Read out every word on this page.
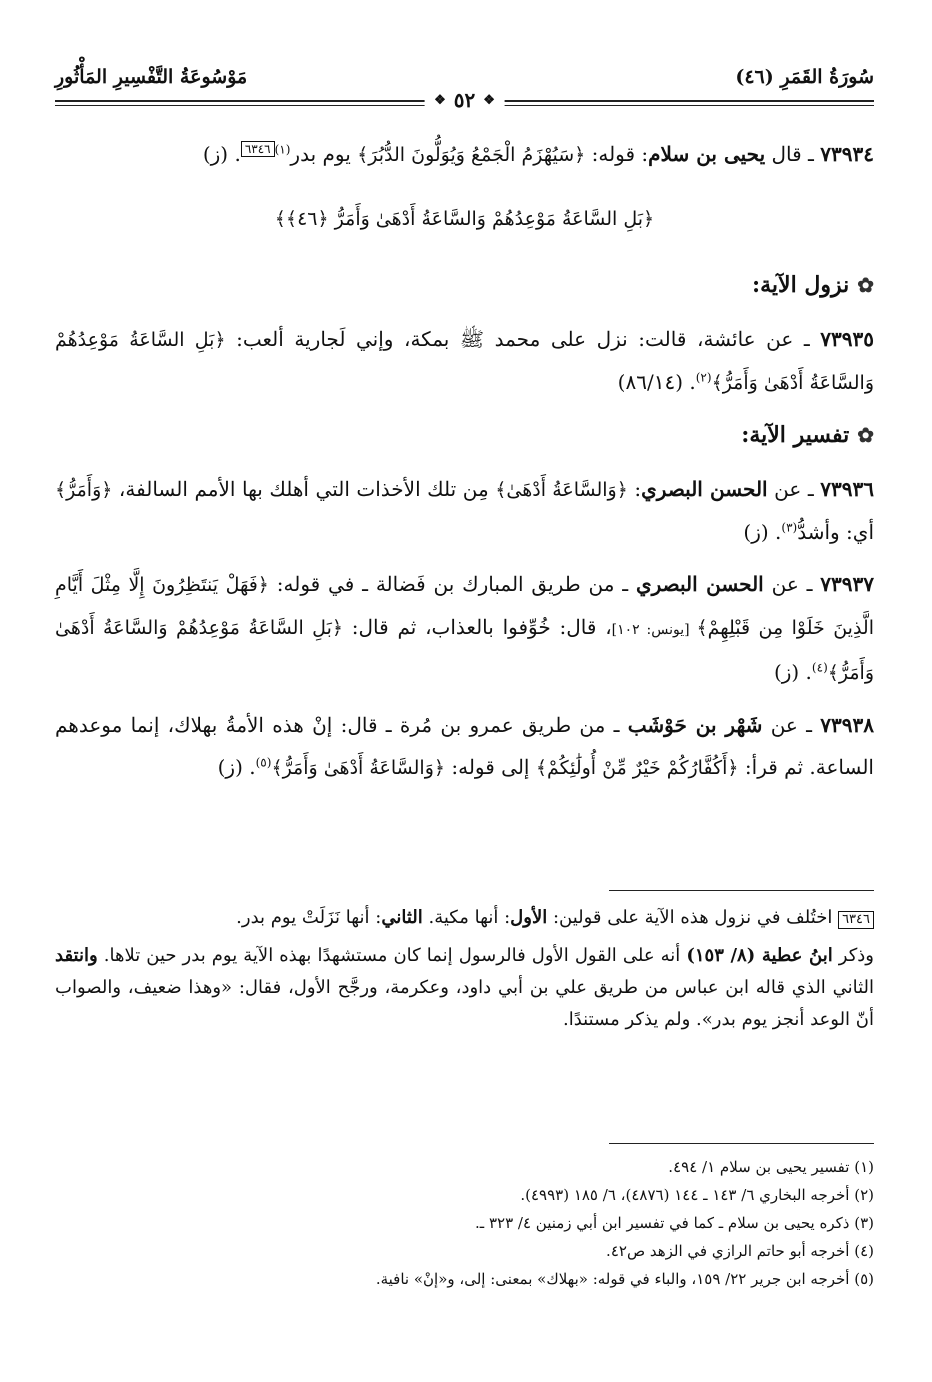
سُورَةُ القَمَرِ (٤٦)
مَوْسُوعَةُ التَّفْسِيرِ المَأْثُورِ
❖
٥٢
❖

٧٣٩٣٤ ـ قال يحيى بن سلام: قوله: ﴿سَيُهْزَمُ الْجَمْعُ وَيُوَلُّونَ الدُّبُرَ﴾ يوم بدر$^{(١)}$٦٣٤٦. (ز)

﴿بَلِ السَّاعَةُ مَوْعِدُهُمْ وَالسَّاعَةُ أَدْهَىٰ وَأَمَرُّ ﴿٤٦﴾﴾
✿
نزول الآية:

٧٣٩٣٥ ـ عن عائشة، قالت: نزل على محمد ﷺ بمكة، وإني لَجارية ألعب: ﴿بَلِ السَّاعَةُ مَوْعِدُهُمْ وَالسَّاعَةُ أَدْهَىٰ وَأَمَرُّ﴾$^{(٢)}$. (٨٦/١٤)

✿
تفسير الآية:

٧٣٩٣٦ ـ عن الحسن البصري: ﴿وَالسَّاعَةُ أَدْهَىٰ﴾ مِن تلك الأخذات التي أهلك بها الأمم السالفة، ﴿وَأَمَرُّ﴾ أي: وأشدُّ$^{(٣)}$. (ز)

٧٣٩٣٧ ـ عن الحسن البصري ـ من طريق المبارك بن فَضالة ـ في قوله: ﴿فَهَلْ يَنتَظِرُونَ إِلَّا مِثْلَ أَيَّامِ الَّذِينَ خَلَوْا مِن قَبْلِهِمْ﴾ [يونس: ١٠٢]، قال: خُوِّفوا بالعذاب، ثم قال: ﴿بَلِ السَّاعَةُ مَوْعِدُهُمْ وَالسَّاعَةُ أَدْهَىٰ وَأَمَرُّ﴾$^{(٤)}$. (ز)

٧٣٩٣٨ ـ عن شَهْر بن حَوْشَب ـ من طريق عمرو بن مُرة ـ قال: إنْ هذه الأمةُ بهلاك، إنما موعدهم الساعة. ثم قرأ: ﴿أَكُفَّارُكُمْ خَيْرٌ مِّنْ أُولَٰئِكُمْ﴾ إلى قوله: ﴿وَالسَّاعَةُ أَدْهَىٰ وَأَمَرُّ﴾$^{(٥)}$. (ز)

٦٣٤٦ اختُلف في نزول هذه الآية على قولين: الأول: أنها مكية. الثاني: أنها نَزَلَتْ يوم بدر.

وذكر ابنُ عطية (٨/ ١٥٣) أنه على القول الأول فالرسول إنما كان مستشهدًا بهذه الآية يوم بدر حين تلاها. وانتقد الثاني الذي قاله ابن عباس من طريق علي بن أبي داود، وعكرمة، ورجَّح الأول، فقال: «وهذا ضعيف، والصواب أنّ الوعد أنجز يوم بدر». ولم يذكر مستندًا.

(١) تفسير يحيى بن سلام ١/ ٤٩٤.
(٢) أخرجه البخاري ٦/ ١٤٣ ـ ١٤٤ (٤٨٧٦)، ٦/ ١٨٥ (٤٩٩٣).
(٣) ذكره يحيى بن سلام ـ كما في تفسير ابن أبي زمنين ٤/ ٣٢٣ ـ.
(٤) أخرجه أبو حاتم الرازي في الزهد ص٤٢.
(٥) أخرجه ابن جرير ٢٢/ ١٥٩، والباء في قوله: «بهلاك» بمعنى: إلى، و«إنْ» نافية.
